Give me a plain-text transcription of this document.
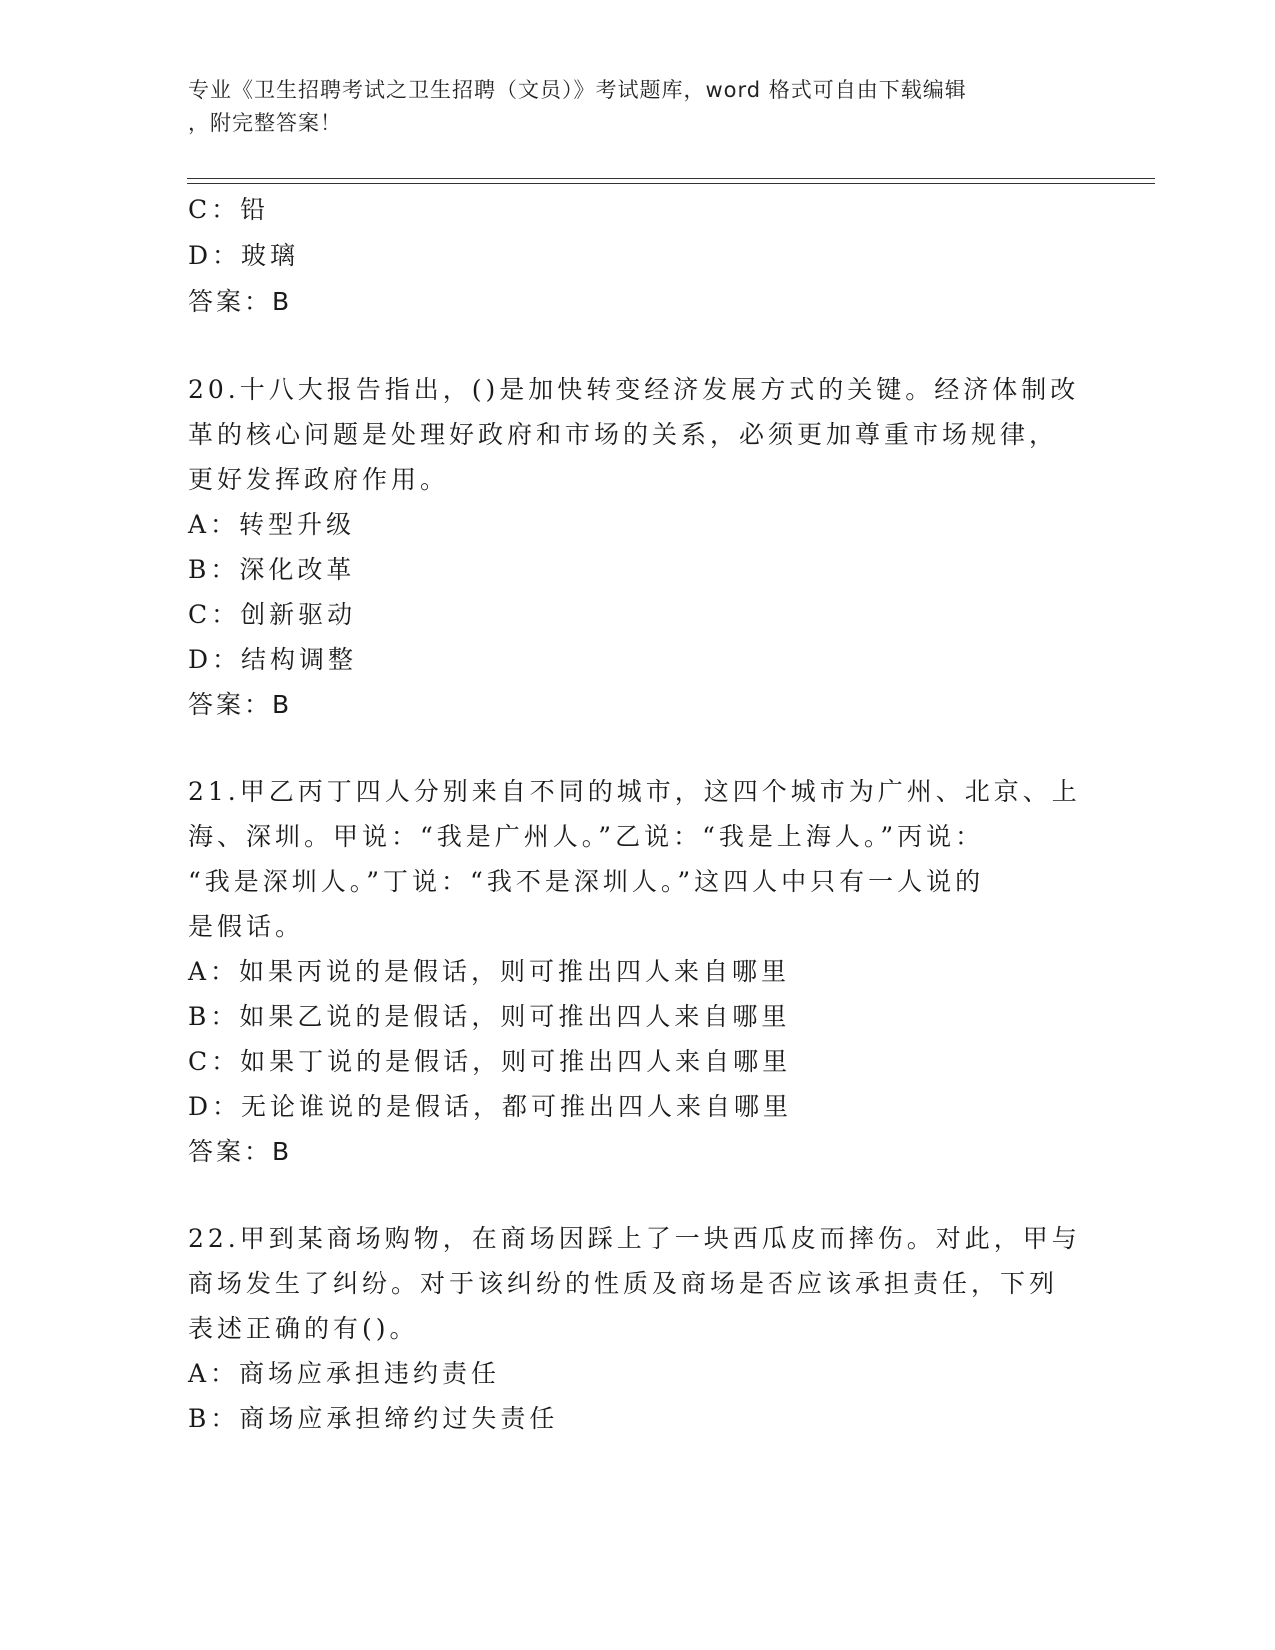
专业《卫生招聘考试之卫生招聘（文员）》考试题库，word 格式可自由下载编辑
，附完整答案！
C：铅
D：玻璃
答案：B
20.十八大报告指出，()是加快转变经济发展方式的关键。经济体制改
革的核心问题是处理好政府和市场的关系，必须更加尊重市场规律，
更好发挥政府作用。
A：转型升级
B：深化改革
C：创新驱动
D：结构调整
答案：B
21.甲乙丙丁四人分别来自不同的城市，这四个城市为广州、北京、上
海、深圳。甲说：“我是广州人。”乙说：“我是上海人。”丙说：
“我是深圳人。”丁说：“我不是深圳人。”这四人中只有一人说的
是假话。
A：如果丙说的是假话，则可推出四人来自哪里
B：如果乙说的是假话，则可推出四人来自哪里
C：如果丁说的是假话，则可推出四人来自哪里
D：无论谁说的是假话，都可推出四人来自哪里
答案：B
22.甲到某商场购物，在商场因踩上了一块西瓜皮而摔伤。对此，甲与
商场发生了纠纷。对于该纠纷的性质及商场是否应该承担责任，下列
表述正确的有()。
A：商场应承担违约责任
B：商场应承担缔约过失责任
